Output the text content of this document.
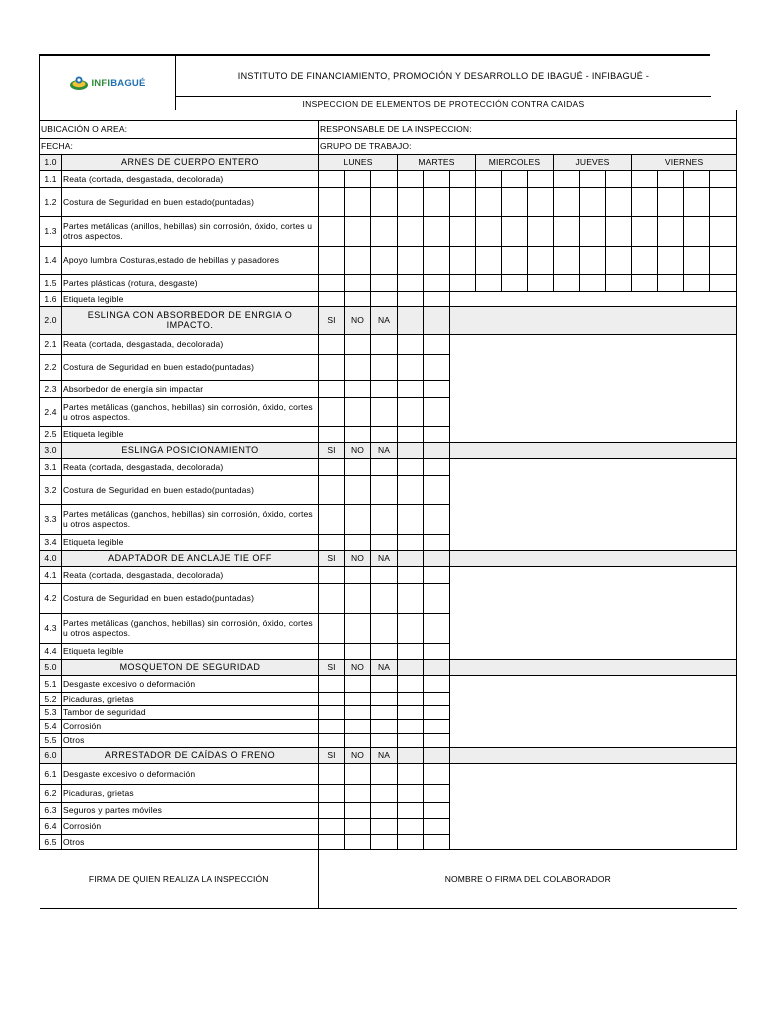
INFIBAGUÉ
INSTITUTO DE FINANCIAMIENTO, PROMOCIÓN Y DESARROLLO DE IBAGUÉ - INFIBAGUÉ -
INSPECCION DE ELEMENTOS DE PROTECCIÓN CONTRA CAIDAS

UBICACIÓN O AREA:		RESPONSABLE DE LA INSPECCION:															
FECHA:		GRUPO DE TRABAJO:															
1.0	ARNES DE CUERPO ENTERO	LUNES			MARTES			MIERCOLES			JUEVES			VIERNES			
1.1	Reata (cortada, desgastada, decolorada)																
1.2	Costura de Seguridad en buen estado(puntadas)																
1.3	Partes metálicas (anillos, hebillas) sin corrosión, óxido, cortes u otros aspectos.																
1.4	Apoyo lumbra Costuras,estado de hebillas y pasadores																
1.5	Partes plásticas (rotura, desgaste)																
1.6	Etiqueta legible																
2.0	ESLINGA CON ABSORBEDOR DE ENRGIA O IMPACTO.	SI	NO	NA													
2.1	Reata (cortada, desgastada, decolorada)																
2.2	Costura de Seguridad en buen estado(puntadas)																
2.3	Absorbedor de energía sin impactar																
2.4	Partes metálicas (ganchos, hebillas) sin corrosión, óxido, cortes u otros aspectos.																
2.5	Etiqueta legible																
3.0	ESLINGA POSICIONAMIENTO	SI	NO	NA													
3.1	Reata (cortada, desgastada, decolorada)																
3.2	Costura de Seguridad en buen estado(puntadas)																
3.3	Partes metálicas (ganchos, hebillas) sin corrosión, óxido, cortes u otros aspectos.																
3.4	Etiqueta legible																
4.0	ADAPTADOR DE ANCLAJE TIE OFF	SI	NO	NA													
4.1	Reata (cortada, desgastada, decolorada)																
4.2	Costura de Seguridad en buen estado(puntadas)																
4.3	Partes metálicas (ganchos, hebillas) sin corrosión, óxido, cortes u otros aspectos.																
4.4	Etiqueta legible																
5.0	MOSQUETON DE SEGURIDAD	SI	NO	NA													
5.1	Desgaste excesivo o deformación																
5.2	Picaduras, grietas																
5.3	Tambor de seguridad																
5.4	Corrosión																
5.5	Otros																
6.0	ARRESTADOR DE CAÍDAS O FRENO	SI	NO	NA													
6.1	Desgaste excesivo o deformación																
6.2	Picaduras, grietas																
6.3	Seguros y partes móviles																
6.4	Corrosión																
6.5	Otros																
FIRMA DE QUIEN REALIZA LA INSPECCIÓN		NOMBRE O FIRMA DEL COLABORADOR															
